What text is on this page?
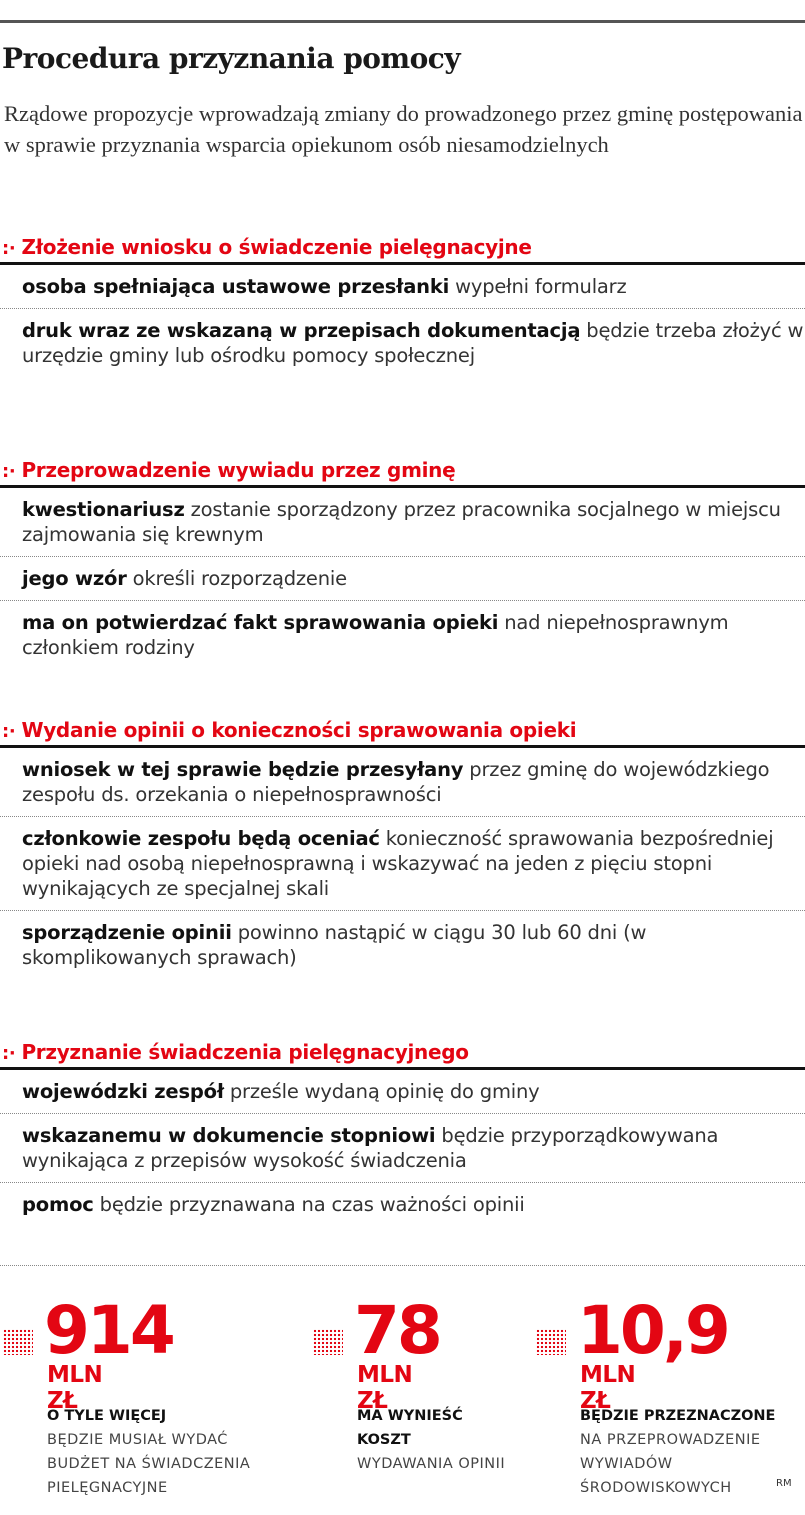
Procedura przyznania pomocy
Rządowe propozycje wprowadzają zmiany do prowadzonego przez gminę postępowania w sprawie przyznania wsparcia opiekunom osób niesamodzielnych
:· Złożenie wniosku o świadczenie pielęgnacyjne
osoba spełniająca ustawowe przesłanki wypełni formularz
druk wraz ze wskazaną w przepisach dokumentacją będzie trzeba złożyć w urzędzie gminy lub ośrodku pomocy społecznej
:· Przeprowadzenie wywiadu przez gminę
kwestionariusz zostanie sporządzony przez pracownika socjalnego w miejscu zajmowania się krewnym
jego wzór określi rozporządzenie
ma on potwierdzać fakt sprawowania opieki nad niepełnosprawnym członkiem rodziny
:· Wydanie opinii o konieczności sprawowania opieki
wniosek w tej sprawie będzie przesyłany przez gminę do wojewódzkiego zespołu ds. orzekania o niepełnosprawności
członkowie zespołu będą oceniać konieczność sprawowania bezpośredniej opieki nad osobą niepełnosprawną i wskazywać na jeden z pięciu stopni wynikających ze specjalnej skali
sporządzenie opinii powinno nastąpić w ciągu 30 lub 60 dni (w skomplikowanych sprawach)
:· Przyznanie świadczenia pielęgnacyjnego
wojewódzki zespół prześle wydaną opinię do gminy
wskazanemu w dokumencie stopniowi będzie przyporządkowywana wynikająca z przepisów wysokość świadczenia
pomoc będzie przyznawana na czas ważności opinii
914
MLN ZŁ
O TYLE WIĘCEJ
BĘDZIE MUSIAŁ WYDAĆ BUDŻET NA ŚWIADCZENIA PIELĘGNACYJNE
78
MLN ZŁ
MA WYNIEŚĆ KOSZT
WYDAWANIA OPINII
10,9
MLN ZŁ
BĘDZIE PRZEZNACZONE
NA PRZEPROWADZENIE WYWIADÓW ŚRODOWISKOWYCH	RM
